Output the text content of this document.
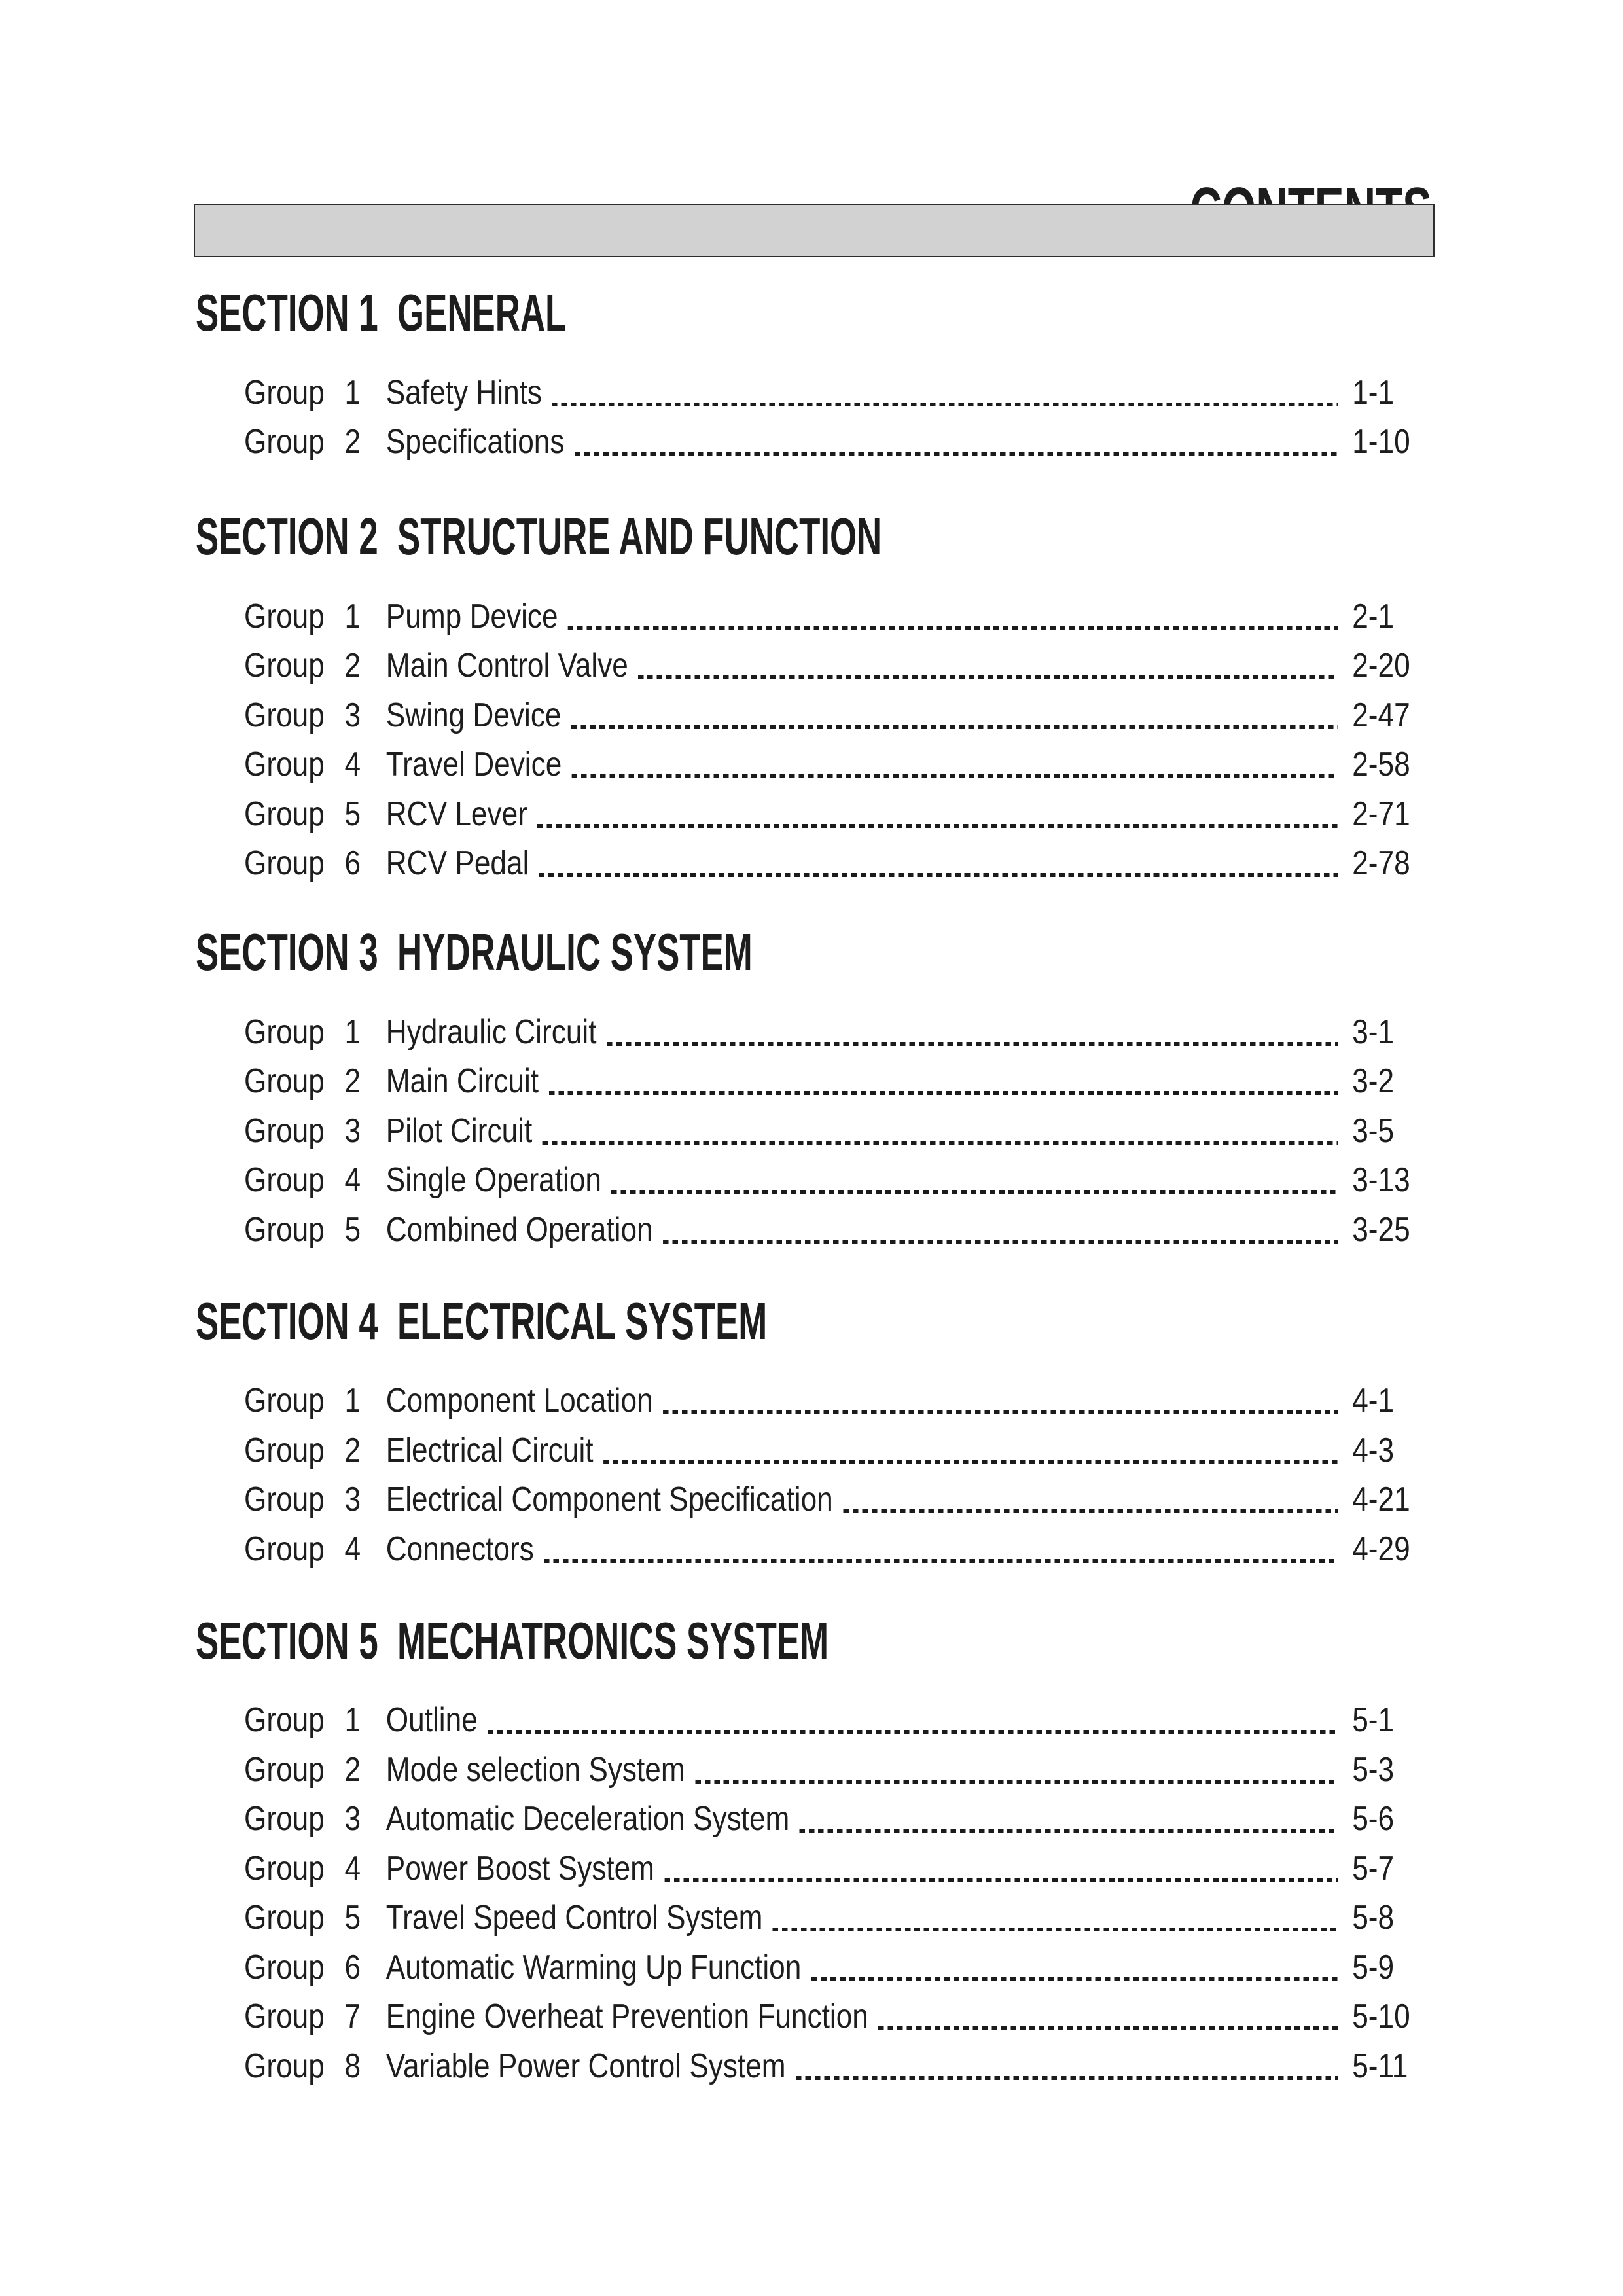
SECTION 1  GENERAL
Group 1 Safety Hints	1-1
Group 2 Specifications	1-10
SECTION 2  STRUCTURE AND FUNCTION
Group 1 Pump Device	2-1
Group 2 Main Control Valve	2-20
Group 3 Swing Device	2-47
Group 4 Travel Device	2-58
Group 5 RCV Lever	2-71
Group 6 RCV Pedal	2-78
SECTION 3  HYDRAULIC SYSTEM
Group 1 Hydraulic Circuit	3-1
Group 2 Main Circuit	3-2
Group 3 Pilot Circuit	3-5
Group 4 Single Operation	3-13
Group 5 Combined Operation	3-25
SECTION 4  ELECTRICAL SYSTEM
Group 1 Component Location	4-1
Group 2 Electrical Circuit	4-3
Group 3 Electrical Component Specification	4-21
Group 4 Connectors	4-29
SECTION 5  MECHATRONICS SYSTEM
Group 1 Outline	5-1
Group 2 Mode selection System	5-3
Group 3 Automatic Deceleration System	5-6
Group 4 Power Boost System	5-7
Group 5 Travel Speed Control System	5-8
Group 6 Automatic Warming Up Function	5-9
Group 7 Engine Overheat Prevention Function	5-10
Group 8 Variable Power Control System	5-11
